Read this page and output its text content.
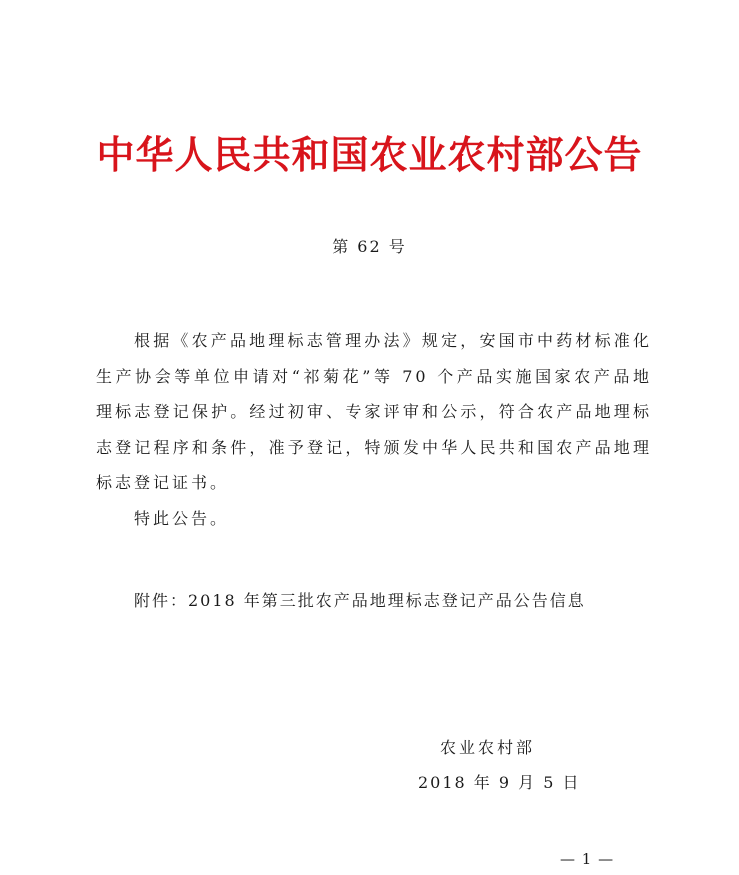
中华人民共和国农业农村部公告
第 62 号

根据《农产品地理标志管理办法》规定，安国市中药材标准化生产协会等单位申请对“祁菊花”等 70 个产品实施国家农产品地理标志登记保护。经过初审、专家评审和公示，符合农产品地理标志登记程序和条件，准予登记，特颁发中华人民共和国农产品地理标志登记证书。

特此公告。

附件：2018 年第三批农产品地理标志登记产品公告信息
农业农村部
2018 年 9 月 5 日
— 1 —
